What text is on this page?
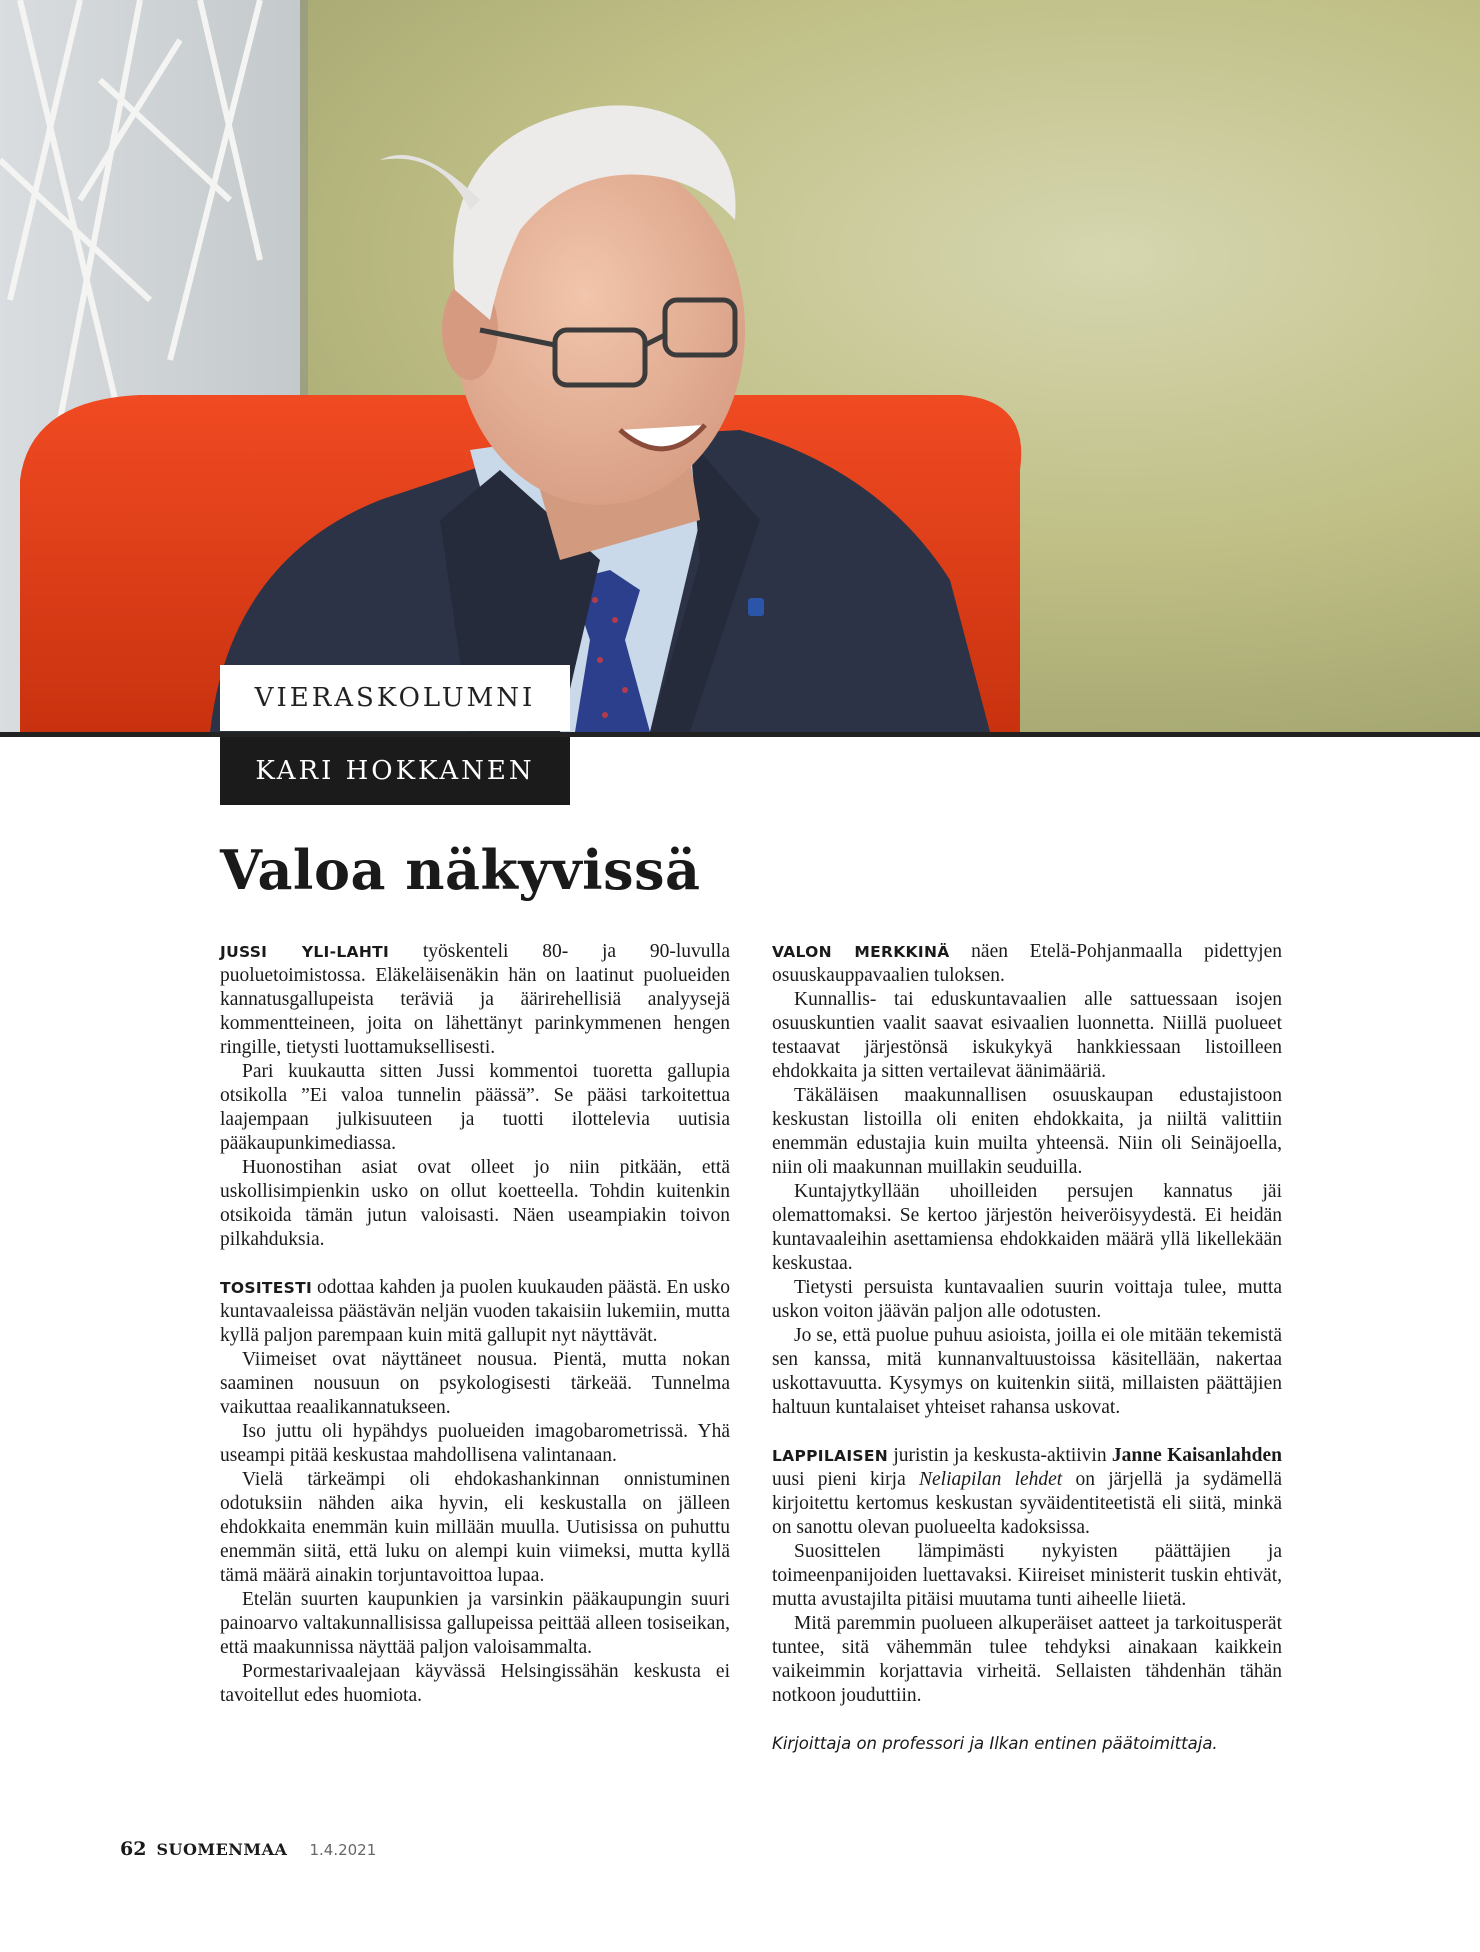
VIERASKOLUMNI
KARI HOKKANEN
Valoa näkyvissä

JUSSI YLI-LAHTI työskenteli 80- ja 90-luvulla puoluetoimistossa. Eläkeläisenäkin hän on laatinut puolueiden kannatusgallupeista teräviä ja äärirehellisiä analyysejä kommentteineen, joita on lähettänyt parinkymmenen hengen ringille, tietysti luottamuksellisesti.

Pari kuukautta sitten Jussi kommentoi tuoretta gallupia otsikolla ”Ei valoa tunnelin päässä”. Se pääsi tarkoitettua laajempaan julkisuuteen ja tuotti ilottelevia uutisia pääkaupunkimediassa.

Huonostihan asiat ovat olleet jo niin pitkään, että uskollisimpienkin usko on ollut koetteella. Tohdin kuitenkin otsikoida tämän jutun valoisasti. Näen useampiakin toivon pilkahduksia.

TOSITESTI odottaa kahden ja puolen kuukauden päästä. En usko kuntavaaleissa päästävän neljän vuoden takaisiin lukemiin, mutta kyllä paljon parempaan kuin mitä gallupit nyt näyttävät.

Viimeiset ovat näyttäneet nousua. Pientä, mutta nokan saaminen nousuun on psykologisesti tärkeää. Tunnelma vaikuttaa reaalikannatukseen.

Iso juttu oli hypähdys puolueiden imagobarometrissä. Yhä useampi pitää keskustaa mahdollisena valintanaan.

Vielä tärkeämpi oli ehdokashankinnan onnistuminen odotuksiin nähden aika hyvin, eli keskustalla on jälleen ehdokkaita enemmän kuin millään muulla. Uutisissa on puhuttu enemmän siitä, että luku on alempi kuin viimeksi, mutta kyllä tämä määrä ainakin torjuntavoittoa lupaa.

Etelän suurten kaupunkien ja varsinkin pääkaupungin suuri painoarvo valtakunnallisissa gallupeissa peittää alleen tosiseikan, että maakunnissa näyttää paljon valoisammalta.

Pormestarivaalejaan käyvässä Helsingissähän keskusta ei tavoitellut edes huomiota.

VALON MERKKINÄ näen Etelä-Pohjanmaalla pidettyjen osuuskauppavaalien tuloksen.

Kunnallis- tai eduskuntavaalien alle sattuessaan isojen osuuskuntien vaalit saavat esivaalien luonnetta. Niillä puolueet testaavat järjestönsä iskukykyä hankkiessaan listoilleen ehdokkaita ja sitten vertailevat äänimääriä.

Täkäläisen maakunnallisen osuuskaupan edustajistoon keskustan listoilla oli eniten ehdokkaita, ja niiltä valittiin enemmän edustajia kuin muilta yhteensä. Niin oli Seinäjoella, niin oli maakunnan muillakin seuduilla.

Kuntajytkyllään uhoilleiden persujen kannatus jäi olemattomaksi. Se kertoo järjestön heiveröisyydestä. Ei heidän kuntavaaleihin asettamiensa ehdokkaiden määrä yllä likellekään keskustaa.

Tietysti persuista kuntavaalien suurin voittaja tulee, mutta uskon voiton jäävän paljon alle odotusten.

Jo se, että puolue puhuu asioista, joilla ei ole mitään tekemistä sen kanssa, mitä kunnanvaltuustoissa käsitellään, nakertaa uskottavuutta. Kysymys on kuitenkin siitä, millaisten päättäjien haltuun kuntalaiset yhteiset rahansa uskovat.

LAPPILAISEN juristin ja keskusta-aktiivin Janne Kaisanlahden uusi pieni kirja Neliapilan lehdet on järjellä ja sydämellä kirjoitettu kertomus keskustan syväidentiteetistä eli siitä, minkä on sanottu olevan puolueelta kadoksissa.

Suosittelen lämpimästi nykyisten päättäjien ja toimeenpanijoiden luettavaksi. Kiireiset ministerit tuskin ehtivät, mutta avustajilta pitäisi muutama tunti aiheelle liietä.

Mitä paremmin puolueen alkuperäiset aatteet ja tarkoitusperät tuntee, sitä vähemmän tulee tehdyksi ainakaan kaikkein vaikeimmin korjattavia virheitä. Sellaisten tähdenhän tähän notkoon jouduttiin.

Kirjoittaja on professori ja Ilkan entinen päätoimittaja.

62 SUOMENMAA 1.4.2021
